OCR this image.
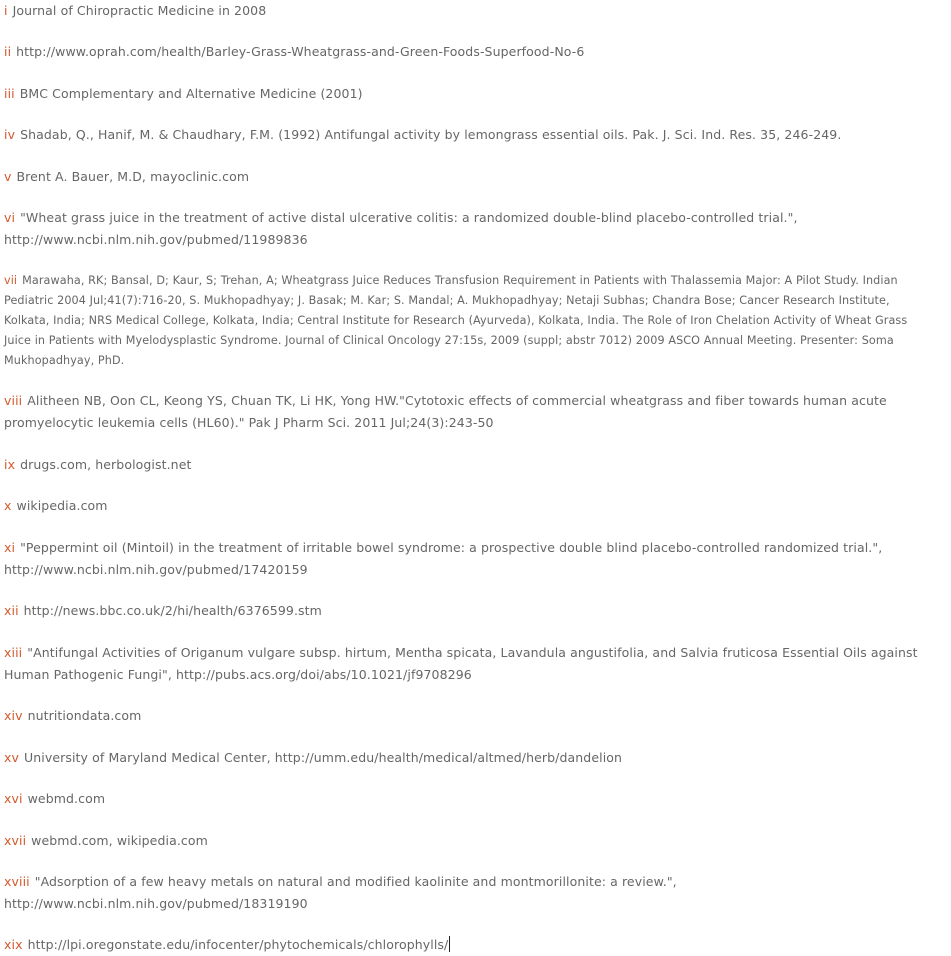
i Journal of Chiropractic Medicine in 2008
ii http://www.oprah.com/health/Barley-Grass-Wheatgrass-and-Green-Foods-Superfood-No-6
iii BMC Complementary and Alternative Medicine (2001)
iv Shadab, Q., Hanif, M. & Chaudhary, F.M. (1992) Antifungal activity by lemongrass essential oils. Pak. J. Sci. Ind. Res. 35, 246-249.
v Brent A. Bauer, M.D, mayoclinic.com
vi "Wheat grass juice in the treatment of active distal ulcerative colitis: a randomized double-blind placebo-controlled trial.", http://www.ncbi.nlm.nih.gov/pubmed/11989836
vii Marawaha, RK; Bansal, D; Kaur, S; Trehan, A; Wheatgrass Juice Reduces Transfusion Requirement in Patients with Thalassemia Major: A Pilot Study. Indian Pediatric 2004 Jul;41(7):716-20, S. Mukhopadhyay; J. Basak; M. Kar; S. Mandal; A. Mukhopadhyay; Netaji Subhas; Chandra Bose; Cancer Research Institute, Kolkata, India; NRS Medical College, Kolkata, India; Central Institute for Research (Ayurveda), Kolkata, India. The Role of Iron Chelation Activity of Wheat Grass Juice in Patients with Myelodysplastic Syndrome. Journal of Clinical Oncology 27:15s, 2009 (suppl; abstr 7012) 2009 ASCO Annual Meeting. Presenter: Soma Mukhopadhyay, PhD.
viii Alitheen NB, Oon CL, Keong YS, Chuan TK, Li HK, Yong HW."Cytotoxic effects of commercial wheatgrass and fiber towards human acute promyelocytic leukemia cells (HL60)." Pak J Pharm Sci. 2011 Jul;24(3):243-50
ix drugs.com, herbologist.net
x wikipedia.com
xi "Peppermint oil (Mintoil) in the treatment of irritable bowel syndrome: a prospective double blind placebo-controlled randomized trial.", http://www.ncbi.nlm.nih.gov/pubmed/17420159
xii http://news.bbc.co.uk/2/hi/health/6376599.stm
xiii "Antifungal Activities of Origanum vulgare subsp. hirtum, Mentha spicata, Lavandula angustifolia, and Salvia fruticosa Essential Oils against Human Pathogenic Fungi", http://pubs.acs.org/doi/abs/10.1021/jf9708296
xiv nutritiondata.com
xv University of Maryland Medical Center, http://umm.edu/health/medical/altmed/herb/dandelion
xvi webmd.com
xvii webmd.com, wikipedia.com
xviii "Adsorption of a few heavy metals on natural and modified kaolinite and montmorillonite: a review.", http://www.ncbi.nlm.nih.gov/pubmed/18319190
xix http://lpi.oregonstate.edu/infocenter/phytochemicals/chlorophylls/
